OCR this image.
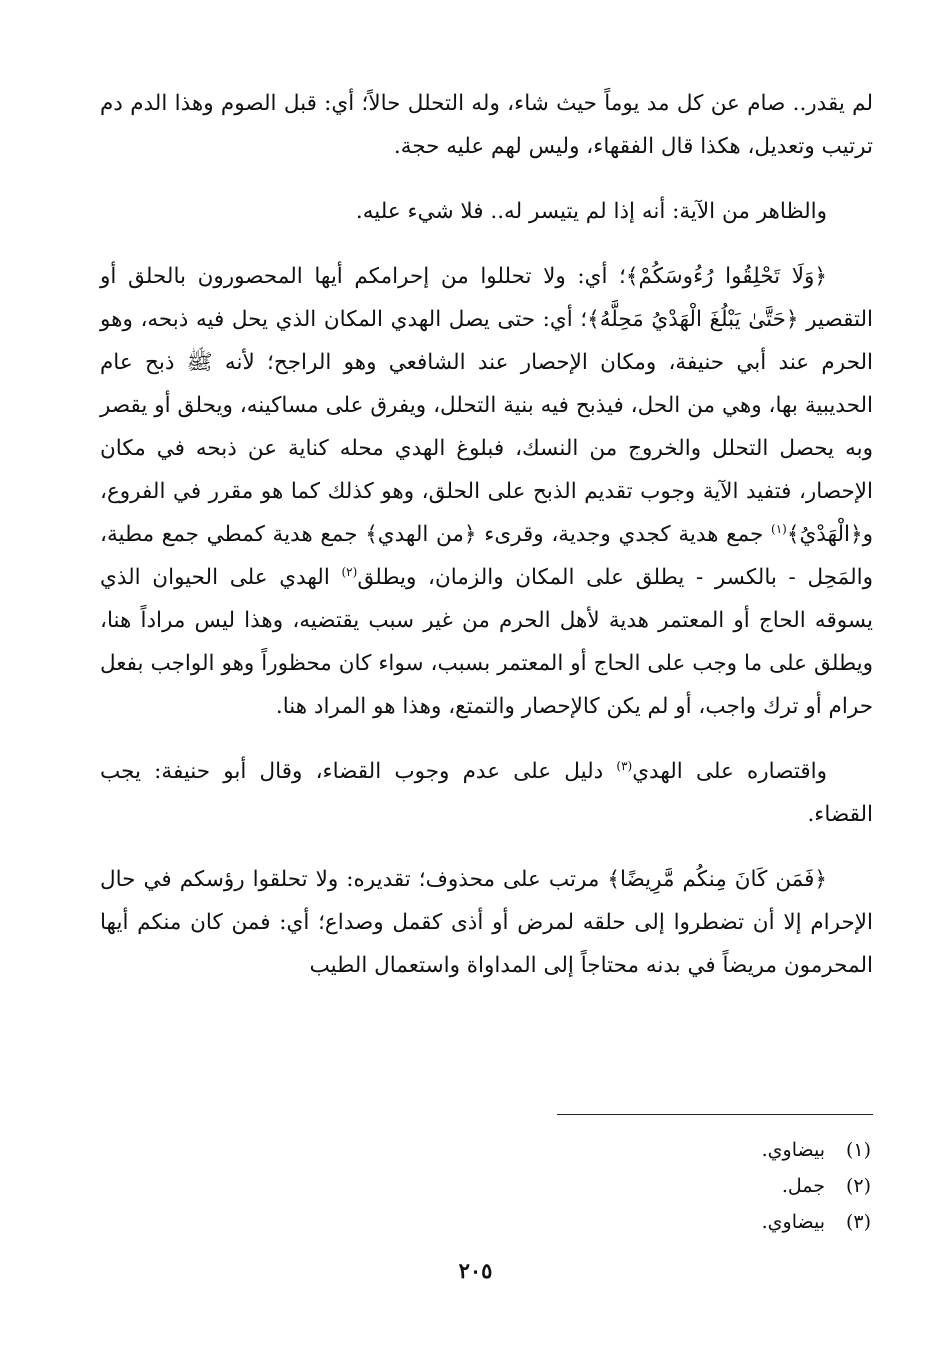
لم يقدر.. صام عن كل مد يوماً حيث شاء، وله التحلل حالاً؛ أي: قبل الصوم وهذا الدم دم ترتيب وتعديل، هكذا قال الفقهاء، وليس لهم عليه حجة.

والظاهر من الآية: أنه إذا لم يتيسر له.. فلا شيء عليه.

﴿وَلَا تَحْلِقُوا رُءُوسَكُمْ﴾؛ أي: ولا تحللوا من إحرامكم أيها المحصورون بالحلق أو التقصير ﴿حَتَّىٰ يَبْلُغَ الْهَدْيُ مَحِلَّهُ﴾؛ أي: حتى يصل الهدي المكان الذي يحل فيه ذبحه، وهو الحرم عند أبي حنيفة، ومكان الإحصار عند الشافعي وهو الراجح؛ لأنه ﷺ ذبح عام الحديبية بها، وهي من الحل، فيذبح فيه بنية التحلل، ويفرق على مساكينه، ويحلق أو يقصر وبه يحصل التحلل والخروج من النسك، فبلوغ الهدي محله كناية عن ذبحه في مكان الإحصار، فتفيد الآية وجوب تقديم الذبح على الحلق، وهو كذلك كما هو مقرر في الفروع، و﴿الْهَدْيُ﴾$^{(١)}$ جمع هدية كجدي وجدية، وقرىء ﴿من الهدي﴾ جمع هدية كمطي جمع مطية، والمَحِل - بالكسر - يطلق على المكان والزمان، ويطلق$^{(٢)}$ الهدي على الحيوان الذي يسوقه الحاج أو المعتمر هدية لأهل الحرم من غير سبب يقتضيه، وهذا ليس مراداً هنا، ويطلق على ما وجب على الحاج أو المعتمر بسبب، سواء كان محظوراً وهو الواجب بفعل حرام أو ترك واجب، أو لم يكن كالإحصار والتمتع، وهذا هو المراد هنا.

واقتصاره على الهدي$^{(٣)}$ دليل على عدم وجوب القضاء، وقال أبو حنيفة: يجب القضاء.

﴿فَمَن كَانَ مِنكُم مَّرِيضًا﴾ مرتب على محذوف؛ تقديره: ولا تحلقوا رؤسكم في حال الإحرام إلا أن تضطروا إلى حلقه لمرض أو أذى كقمل وصداع؛ أي: فمن كان منكم أيها المحرمون مريضاً في بدنه محتاجاً إلى المداواة واستعمال الطيب

(١)
بيضاوي.
(٢)
جمل.
(٣)
بيضاوي.
٢٠٥
